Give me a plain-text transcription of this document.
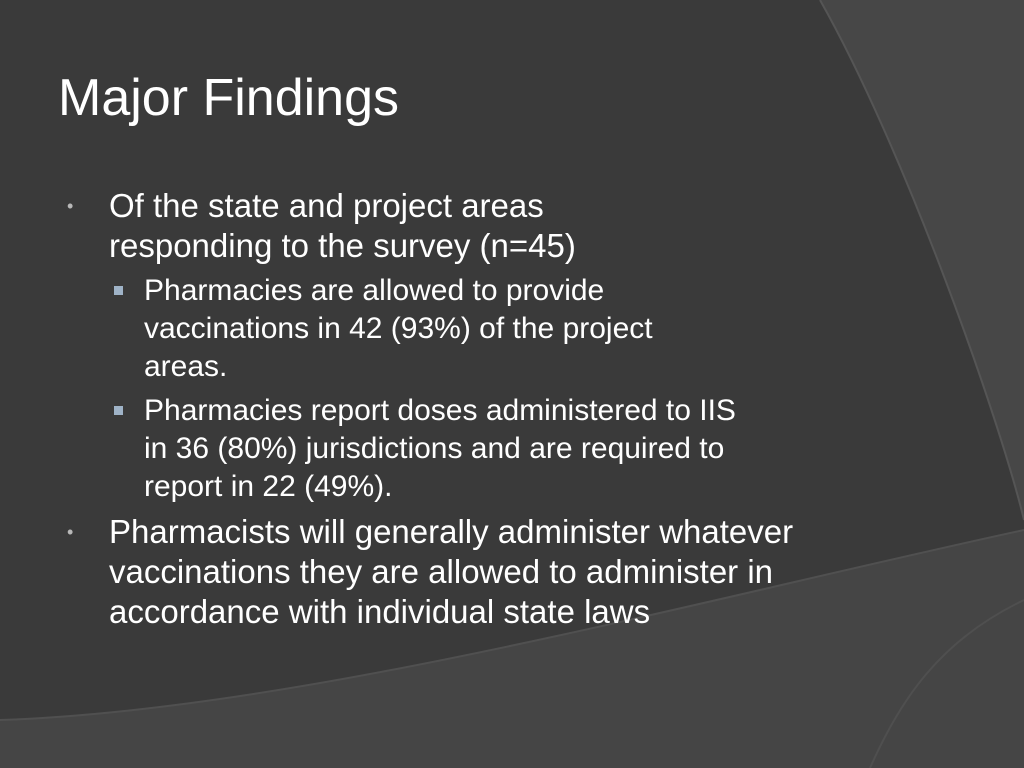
Major Findings
• Of the state and project areas
responding to the survey (n=45)
Pharmacies are allowed to provide
vaccinations in 42 (93%) of the project
areas.
Pharmacies report doses administered to IIS
in 36 (80%) jurisdictions and are required to
report in 22 (49%).
• Pharmacists will generally administer whatever
vaccinations they are allowed to administer in
accordance with individual state laws
